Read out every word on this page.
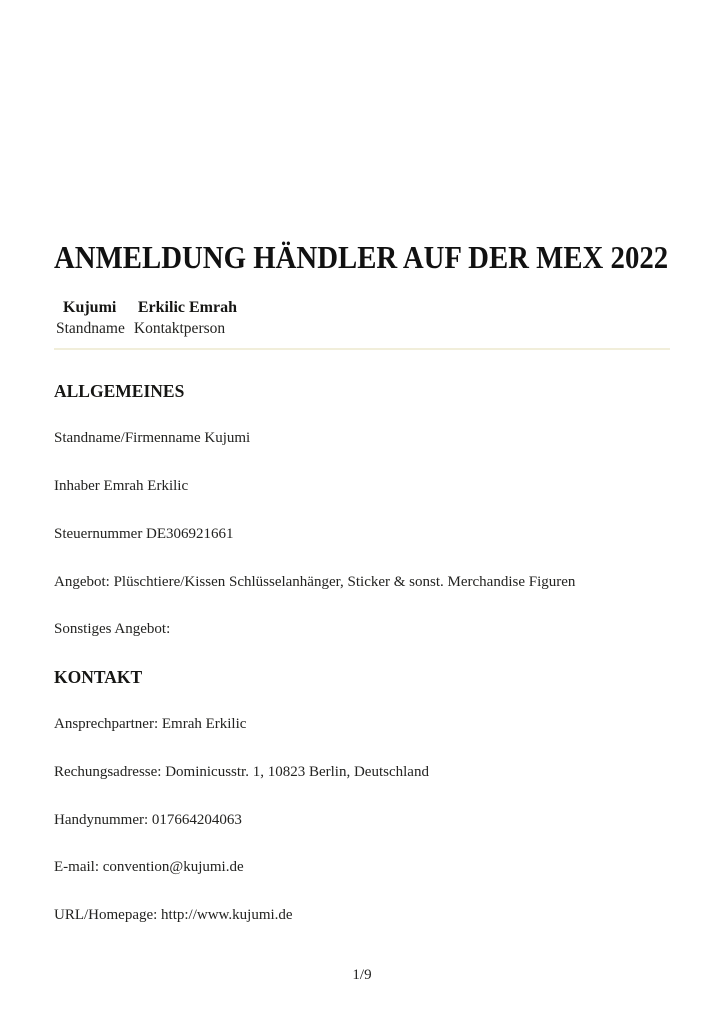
ANMELDUNG HÄNDLER AUF DER MEX 2022
Kujumi
Standname
Erkilic Emrah
Kontaktperson
ALLGEMEINES

Standname/Firmenname Kujumi

Inhaber Emrah Erkilic

Steuernummer DE306921661

Angebot: Plüschtiere/Kissen Schlüsselanhänger, Sticker & sonst. Merchandise Figuren

Sonstiges Angebot:

KONTAKT

Ansprechpartner: Emrah Erkilic

Rechungsadresse: Dominicusstr. 1, 10823 Berlin, Deutschland

Handynummer: 017664204063

E-mail: convention@kujumi.de

URL/Homepage: http://www.kujumi.de

1/9
